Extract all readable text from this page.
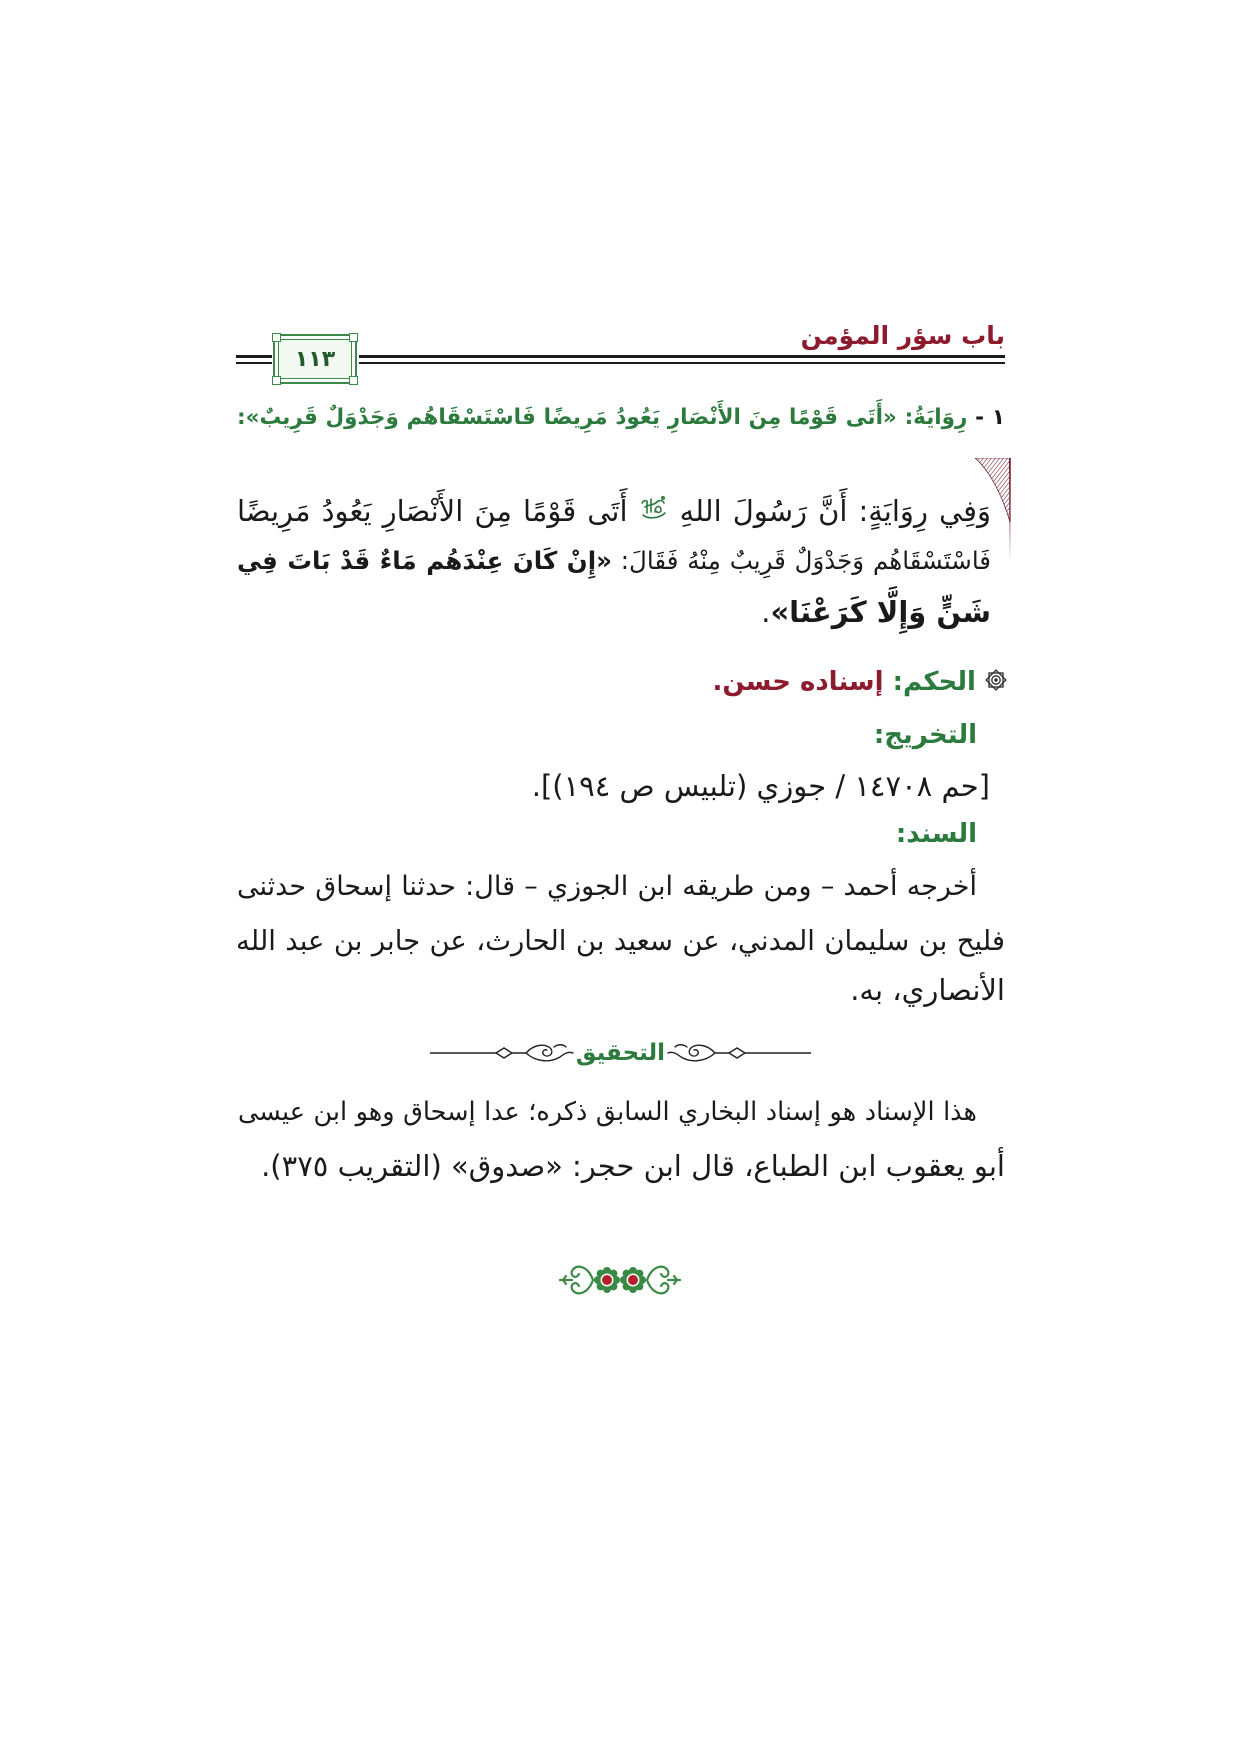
باب سؤر المؤمن
١١٣
١ - رِوَايَةُ: «أَتَى قَوْمًا مِنَ الأَنْصَارِ يَعُودُ مَرِيضًا فَاسْتَسْقَاهُم وَجَدْوَلٌ قَرِيبٌ»:
وَفِي رِوَايَةٍ: أَنَّ رَسُولَ اللهِ  أَتَى قَوْمًا مِنَ الأَنْصَارِ يَعُودُ مَرِيضًا
فَاسْتَسْقَاهُم وَجَدْوَلٌ قَرِيبٌ مِنْهُ فَقَالَ: «إِنْ كَانَ عِنْدَهُم مَاءٌ قَدْ بَاتَ فِي
شَنٍّ وَإِلَّا كَرَعْنَا».
الحكم: إسناده حسن.
التخريج:
[حم ١٤٧٠٨ / جوزي (تلبيس ص ١٩٤)].
السند:
أخرجه أحمد – ومن طريقه ابن الجوزي – قال: حدثنا إسحاق حدثنى
فليح بن سليمان المدني، عن سعيد بن الحارث، عن جابر بن عبد الله
الأنصاري، به.
التحقيق
هذا الإسناد هو إسناد البخاري السابق ذكره؛ عدا إسحاق وهو ابن عيسى
أبو يعقوب ابن الطباع، قال ابن حجر: «صدوق» (التقريب ٣٧٥).
